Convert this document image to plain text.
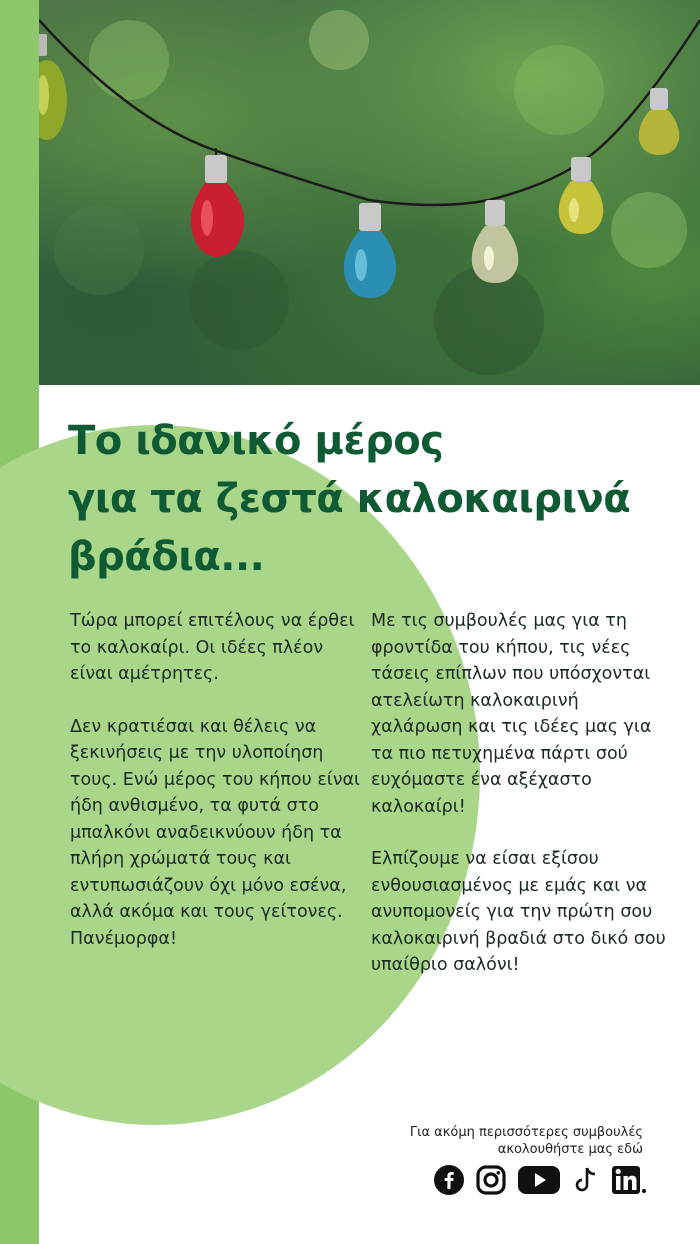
Το ιδανικό μέρος
για τα ζεστά καλοκαιρινά
βράδια...

Τώρα μπορεί επιτέλους να έρθει το καλοκαίρι. Οι ιδέες πλέον είναι αμέτρητες.

Δεν κρατιέσαι και θέλεις να ξεκινήσεις με την υλοποίηση τους. Ενώ μέρος του κήπου είναι ήδη ανθισμένο, τα φυτά στο μπαλκόνι αναδεικνύουν ήδη τα πλήρη χρώματά τους και εντυπωσιάζουν όχι μόνο εσένα, αλλά ακόμα και τους γείτονες. Πανέμορφα!

Με τις συμβουλές μας για τη φροντίδα του κήπου, τις νέες τάσεις επίπλων που υπόσχονται ατελείωτη καλοκαιρινή χαλάρωση και τις ιδέες μας για τα πιο πετυχημένα πάρτι σού ευχόμαστε ένα αξέχαστο καλοκαίρι!

Ελπίζουμε να είσαι εξίσου ενθουσιασμένος με εμάς και να ανυπομονείς για την πρώτη σου καλοκαιρινή βραδιά στο δικό σου υπαίθριο σαλόνι!

Για ακόμη περισσότερες συμβουλές
ακολουθήστε μας εδώ
